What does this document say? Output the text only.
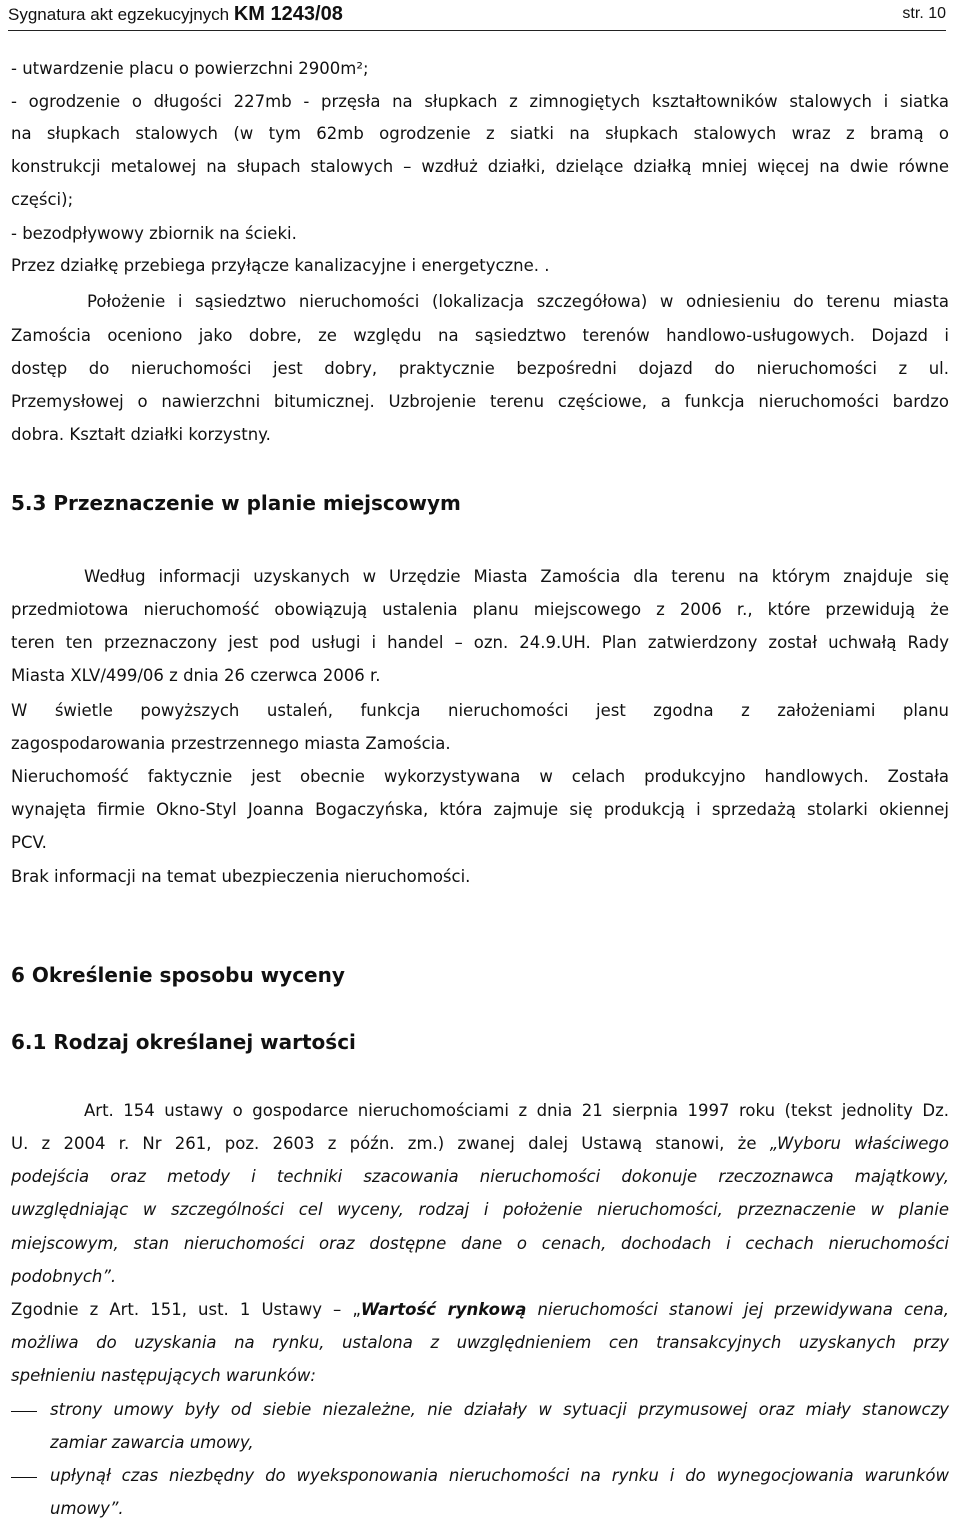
Sygnatura akt egzekucyjnych KM 1243/08	str. 10
- utwardzenie placu o powierzchni 2900m²;
- ogrodzenie o długości 227mb - przęsła na słupkach z zimnogiętych kształtowników stalowych i siatka
na słupkach stalowych (w tym 62mb ogrodzenie z siatki na słupkach stalowych wraz z bramą o
konstrukcji metalowej na słupach stalowych – wzdłuż działki, dzielące działką mniej więcej na dwie równe
części);
- bezodpływowy zbiornik na ścieki.
Przez działkę przebiega przyłącze kanalizacyjne i energetyczne. .
Położenie i sąsiedztwo nieruchomości (lokalizacja szczegółowa) w odniesieniu do terenu miasta
Zamościa oceniono jako dobre, ze względu na sąsiedztwo terenów handlowo-usługowych. Dojazd i
dostęp do nieruchomości jest dobry, praktycznie bezpośredni dojazd do nieruchomości z ul.
Przemysłowej o nawierzchni bitumicznej. Uzbrojenie terenu częściowe, a funkcja nieruchomości bardzo
dobra. Kształt działki korzystny.
5.3 Przeznaczenie w planie miejscowym
Według informacji uzyskanych w Urzędzie Miasta Zamościa dla terenu na którym znajduje się
przedmiotowa nieruchomość obowiązują ustalenia planu miejscowego z 2006 r., które przewidują że
teren ten przeznaczony jest pod usługi i handel – ozn. 24.9.UH. Plan zatwierdzony został uchwałą Rady
Miasta XLV/499/06 z dnia 26 czerwca 2006 r.
W świetle powyższych ustaleń, funkcja nieruchomości jest zgodna z założeniami planu
zagospodarowania przestrzennego miasta Zamościa.
Nieruchomość faktycznie jest obecnie wykorzystywana w celach produkcyjno handlowych. Została
wynajęta firmie Okno-Styl Joanna Bogaczyńska, która zajmuje się produkcją i sprzedażą stolarki okiennej
PCV.
Brak informacji na temat ubezpieczenia nieruchomości.
6 Określenie sposobu wyceny
6.1 Rodzaj określanej wartości
Art. 154 ustawy o gospodarce nieruchomościami z dnia 21 sierpnia 1997 roku (tekst jednolity Dz.
U. z 2004 r. Nr 261, poz. 2603 z późn. zm.) zwanej dalej Ustawą stanowi, że „Wyboru właściwego
podejścia oraz metody i techniki szacowania nieruchomości dokonuje rzeczoznawca majątkowy,
uwzględniając w szczególności cel wyceny, rodzaj i położenie nieruchomości, przeznaczenie w planie
miejscowym, stan nieruchomości oraz dostępne dane o cenach, dochodach i cechach nieruchomości
podobnych”.
Zgodnie z Art. 151, ust. 1 Ustawy – „Wartość rynkową nieruchomości stanowi jej przewidywana cena,
możliwa do uzyskania na rynku, ustalona z uwzględnieniem cen transakcyjnych uzyskanych przy
spełnieniu następujących warunków:
strony umowy były od siebie niezależne, nie działały w sytuacji przymusowej oraz miały stanowczy
zamiar zawarcia umowy,
upłynął czas niezbędny do wyeksponowania nieruchomości na rynku i do wynegocjowania warunków
umowy”.
